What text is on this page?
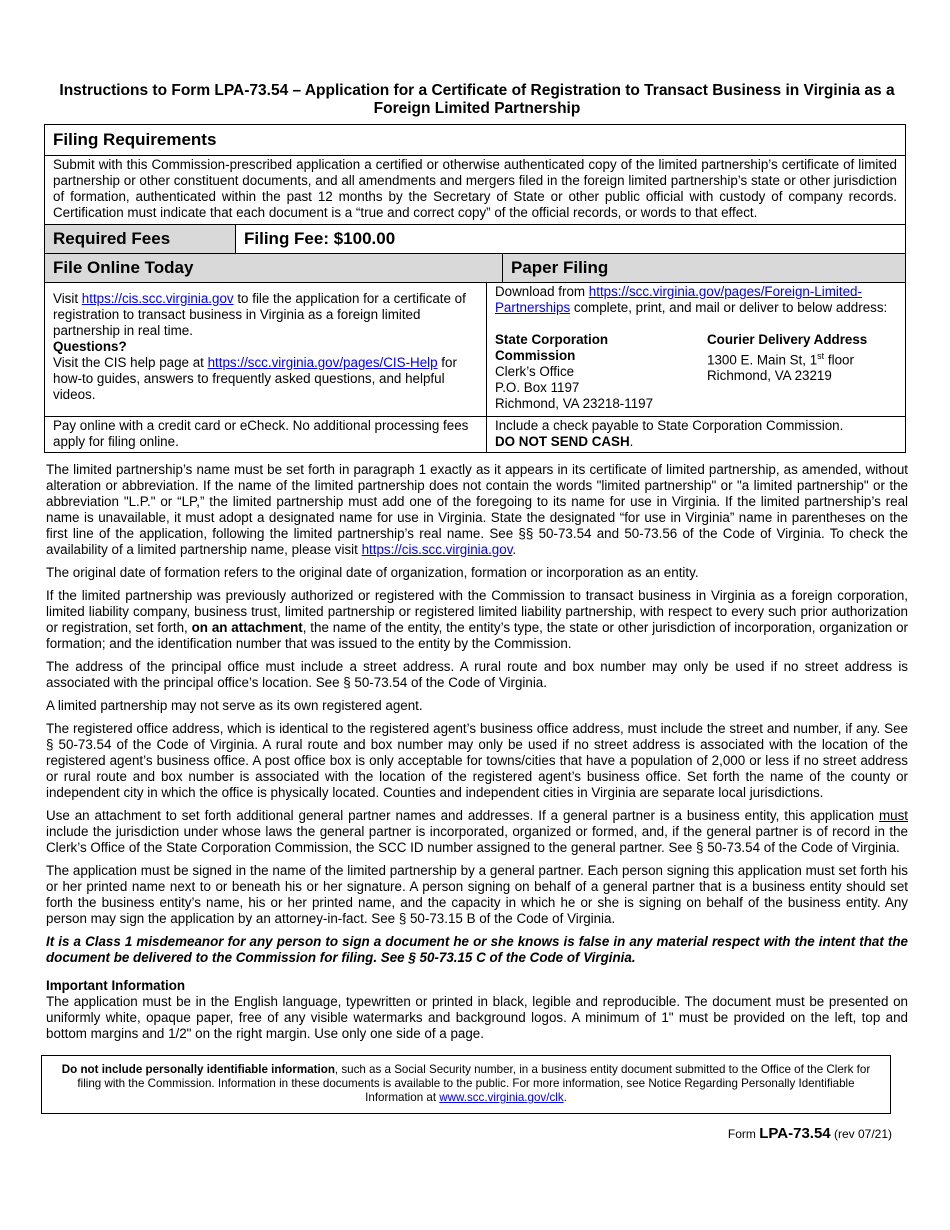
Instructions to Form LPA-73.54 – Application for a Certificate of Registration to Transact Business in Virginia as a Foreign Limited Partnership
Filing Requirements
Submit with this Commission-prescribed application a certified or otherwise authenticated copy of the limited partnership’s certificate of limited partnership or other constituent documents, and all amendments and mergers filed in the foreign limited partnership’s state or other jurisdiction of formation, authenticated within the past 12 months by the Secretary of State or other public official with custody of company records. Certification must indicate that each document is a “true and correct copy” of the official records, or words to that effect.
Required Fees	Filing Fee: $100.00
File Online Today	Paper Filing
Visit https://cis.scc.virginia.gov to file the application for a certificate of registration to transact business in Virginia as a foreign limited partnership in real time.
Questions?
Visit the CIS help page at https://scc.virginia.gov/pages/CIS-Help for how-to guides, answers to frequently asked questions, and helpful videos.
Download from https://scc.virginia.gov/pages/Foreign-Limited-Partnerships complete, print, and mail or deliver to below address:
State Corporation Commission
Clerk’s Office
P.O. Box 1197
Richmond, VA 23218-1197
Courier Delivery Address
1300 E. Main St, 1st floor
Richmond, VA 23219
Pay online with a credit card or eCheck. No additional processing fees apply for filing online.
Include a check payable to State Corporation Commission.
DO NOT SEND CASH.

The limited partnership’s name must be set forth in paragraph 1 exactly as it appears in its certificate of limited partnership, as amended, without alteration or abbreviation. If the name of the limited partnership does not contain the words "limited partnership" or "a limited partnership" or the abbreviation "L.P." or “LP,” the limited partnership must add one of the foregoing to its name for use in Virginia. If the limited partnership’s real name is unavailable, it must adopt a designated name for use in Virginia. State the designated “for use in Virginia” name in parentheses on the first line of the application, following the limited partnership’s real name. See §§ 50-73.54 and 50-73.56 of the Code of Virginia. To check the availability of a limited partnership name, please visit https://cis.scc.virginia.gov.

The original date of formation refers to the original date of organization, formation or incorporation as an entity.

If the limited partnership was previously authorized or registered with the Commission to transact business in Virginia as a foreign corporation, limited liability company, business trust, limited partnership or registered limited liability partnership, with respect to every such prior authorization or registration, set forth, on an attachment, the name of the entity, the entity’s type, the state or other jurisdiction of incorporation, organization or formation; and the identification number that was issued to the entity by the Commission.

The address of the principal office must include a street address. A rural route and box number may only be used if no street address is associated with the principal office’s location. See § 50-73.54 of the Code of Virginia.

A limited partnership may not serve as its own registered agent.

The registered office address, which is identical to the registered agent’s business office address, must include the street and number, if any. See § 50-73.54 of the Code of Virginia. A rural route and box number may only be used if no street address is associated with the location of the registered agent’s business office. A post office box is only acceptable for towns/cities that have a population of 2,000 or less if no street address or rural route and box number is associated with the location of the registered agent’s business office. Set forth the name of the county or independent city in which the office is physically located. Counties and independent cities in Virginia are separate local jurisdictions.

Use an attachment to set forth additional general partner names and addresses. If a general partner is a business entity, this application must include the jurisdiction under whose laws the general partner is incorporated, organized or formed, and, if the general partner is of record in the Clerk’s Office of the State Corporation Commission, the SCC ID number assigned to the general partner. See § 50-73.54 of the Code of Virginia.

The application must be signed in the name of the limited partnership by a general partner. Each person signing this application must set forth his or her printed name next to or beneath his or her signature. A person signing on behalf of a general partner that is a business entity should set forth the business entity’s name, his or her printed name, and the capacity in which he or she is signing on behalf of the business entity. Any person may sign the application by an attorney-in-fact. See § 50-73.15 B of the Code of Virginia.

It is a Class 1 misdemeanor for any person to sign a document he or she knows is false in any material respect with the intent that the document be delivered to the Commission for filing. See § 50-73.15 C of the Code of Virginia.

Important Information

The application must be in the English language, typewritten or printed in black, legible and reproducible. The document must be presented on uniformly white, opaque paper, free of any visible watermarks and background logos. A minimum of 1" must be provided on the left, top and bottom margins and 1/2" on the right margin. Use only one side of a page.

Do not include personally identifiable information, such as a Social Security number, in a business entity document submitted to the Office of the Clerk for filing with the Commission. Information in these documents is available to the public. For more information, see Notice Regarding Personally Identifiable Information at www.scc.virginia.gov/clk.
Form LPA-73.54 (rev 07/21)
